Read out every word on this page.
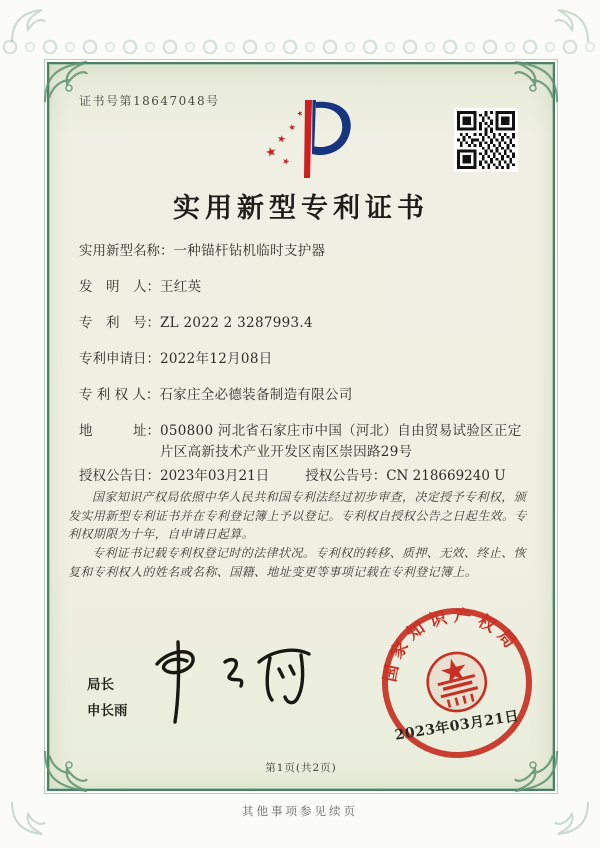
证书号第18647048号
实用新型专利证书
实用新型名称： 一种锚杆钻机临时支护器
发　明　人： 王红英
专　利　号： ZL 2022 2 3287993.4
专利申请日： 2022年12月08日
专 利 权 人： 石家庄全必德装备制造有限公司
地　　　址： 050800 河北省石家庄市中国（河北）自由贸易试验区正定片区高新技术产业开发区南区崇因路29号
授权公告日： 2023年03月21日	授权公告号： CN 218669240 U

国家知识产权局依照中华人民共和国专利法经过初步审查，决定授予专利权，颁发实用新型专利证书并在专利登记簿上予以登记。专利权自授权公告之日起生效。专利权期限为十年，自申请日起算。

专利证书记载专利权登记时的法律状况。专利权的转移、质押、无效、终止、恢复和专利权人的姓名或名称、国籍、地址变更等事项记载在专利登记簿上。

局长
申长雨
国家知识产权局
2023年03月21日
第1页(共2页)
其他事项参见续页
